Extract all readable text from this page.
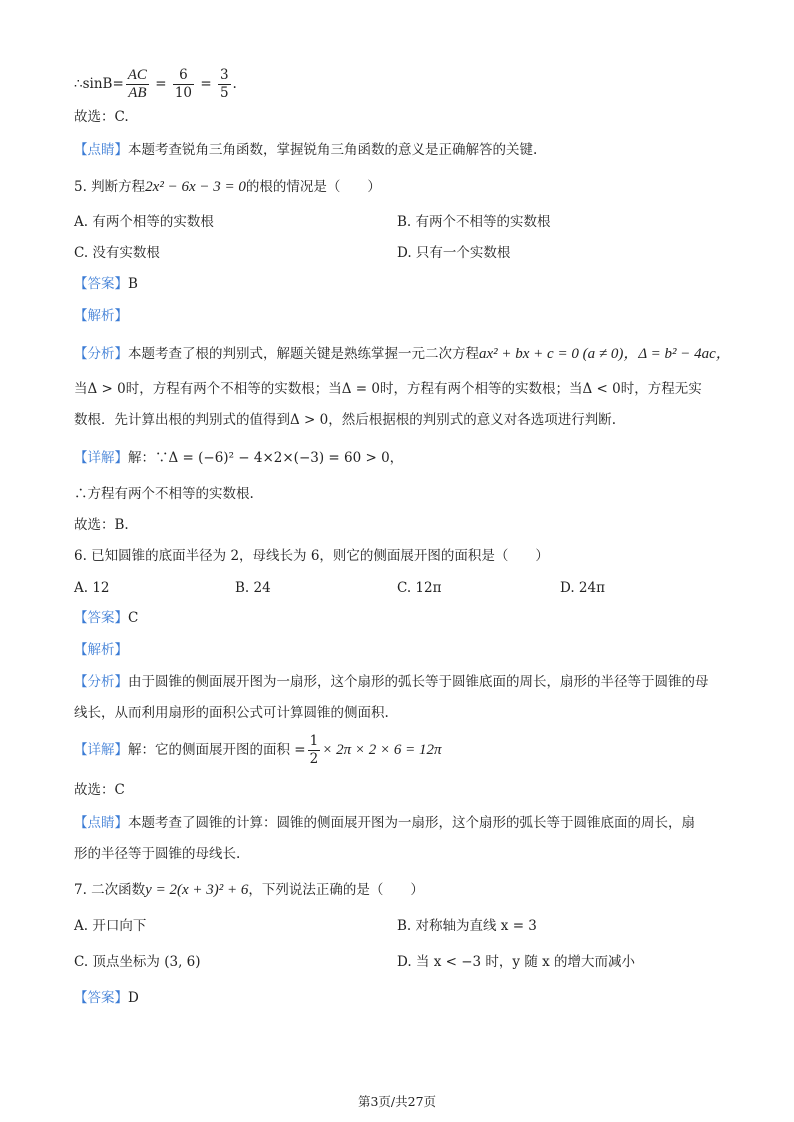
∴sinB= $\frac{AC}{AB} = \frac{6}{10} = \frac{3}{5}$ .
故选：C.
【点睛】本题考查锐角三角函数，掌握锐角三角函数的意义是正确解答的关键.
5. 判断方程2x² − 6x − 3 = 0的根的情况是（　　）
A. 有两个相等的实数根	B. 有两个不相等的实数根
C. 没有实数根	D. 只有一个实数根
【答案】B
【解析】
【分析】本题考查了根的判别式，解题关键是熟练掌握一元二次方程ax² + bx + c = 0 (a ≠ 0)，Δ = b² − 4ac，
当Δ > 0时，方程有两个不相等的实数根；当Δ = 0时，方程有两个相等的实数根；当Δ < 0时，方程无实
数根．先计算出根的判别式的值得到Δ > 0，然后根据根的判别式的意义对各选项进行判断.
【详解】解：∵Δ = (−6)² − 4×2×(−3) = 60 > 0，
∴方程有两个不相等的实数根.
故选：B.
6. 已知圆锥的底面半径为 2，母线长为 6，则它的侧面展开图的面积是（　　）
A. 12	B. 24	C. 12π	D. 24π
【答案】C
【解析】
【分析】由于圆锥的侧面展开图为一扇形，这个扇形的弧长等于圆锥底面的周长，扇形的半径等于圆锥的母
线长，从而利用扇形的面积公式可计算圆锥的侧面积.
【详解】解：它的侧面展开图的面积 = $\frac{1}{2} \times 2\pi \times 2 \times 6 = 12\pi$
故选：C
【点睛】本题考查了圆锥的计算：圆锥的侧面展开图为一扇形，这个扇形的弧长等于圆锥底面的周长，扇
形的半径等于圆锥的母线长.
7. 二次函数y = 2(x + 3)² + 6，下列说法正确的是（　　）
A. 开口向下	B. 对称轴为直线 x = 3
C. 顶点坐标为 (3, 6)	D. 当 x < −3 时，y 随 x 的增大而减小
【答案】D
第3页/共27页
